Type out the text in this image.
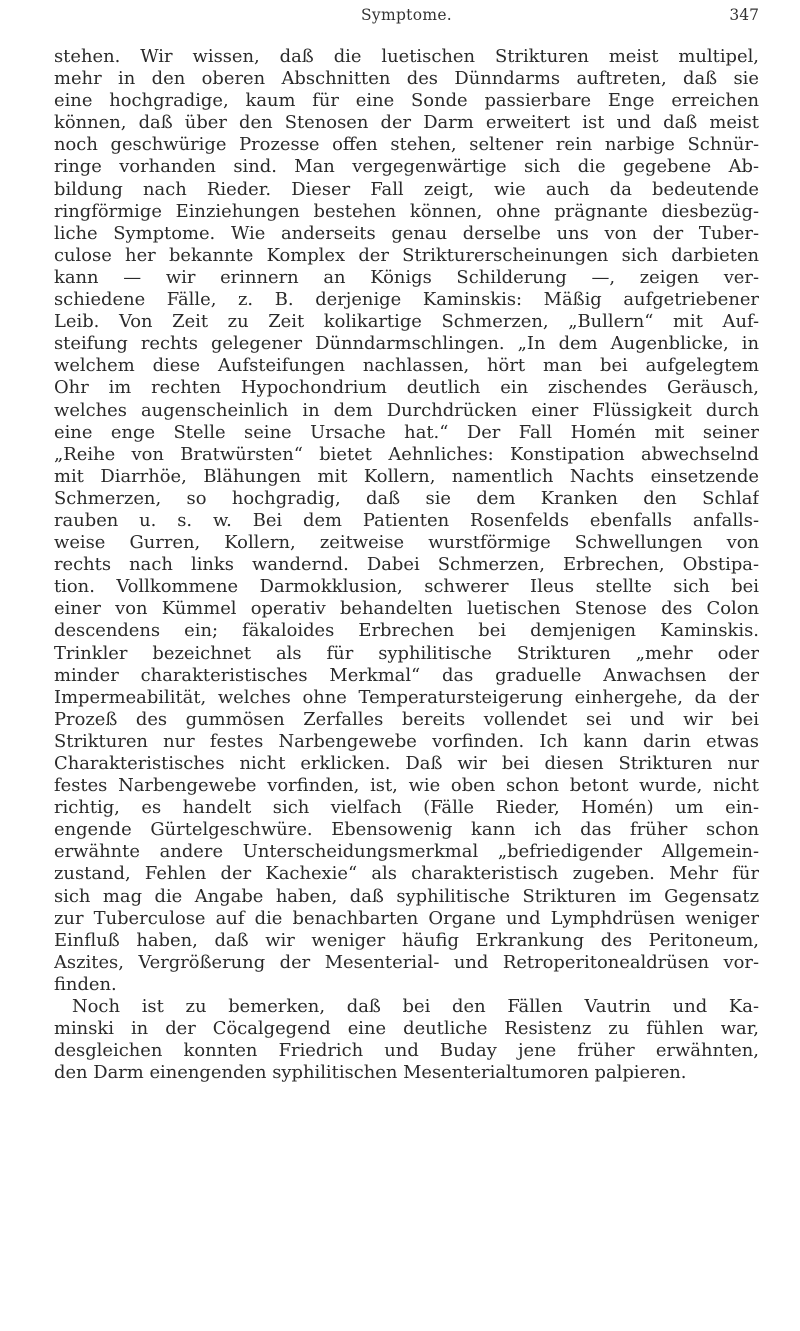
Symptome.	347
stehen. Wir wissen, daß die luetischen Strikturen meist multipel,
mehr in den oberen Abschnitten des Dünndarms auftreten, daß sie
eine hochgradige, kaum für eine Sonde passierbare Enge erreichen
können, daß über den Stenosen der Darm erweitert ist und daß meist
noch geschwürige Prozesse offen stehen, seltener rein narbige Schnür-
ringe vorhanden sind. Man vergegenwärtige sich die gegebene Ab-
bildung nach Rieder. Dieser Fall zeigt, wie auch da bedeutende
ringförmige Einziehungen bestehen können, ohne prägnante diesbezüg-
liche Symptome. Wie anderseits genau derselbe uns von der Tuber-
culose her bekannte Komplex der Strikturerscheinungen sich darbieten
kann — wir erinnern an Königs Schilderung —, zeigen ver-
schiedene Fälle, z. B. derjenige Kaminskis: Mäßig aufgetriebener
Leib. Von Zeit zu Zeit kolikartige Schmerzen, „Bullern“ mit Auf-
steifung rechts gelegener Dünndarmschlingen. „In dem Augenblicke, in
welchem diese Aufsteifungen nachlassen, hört man bei aufgelegtem
Ohr im rechten Hypochondrium deutlich ein zischendes Geräusch,
welches augenscheinlich in dem Durchdrücken einer Flüssigkeit durch
eine enge Stelle seine Ursache hat.“ Der Fall Homén mit seiner
„Reihe von Bratwürsten“ bietet Aehnliches: Konstipation abwechselnd
mit Diarrhöe, Blähungen mit Kollern, namentlich Nachts einsetzende
Schmerzen, so hochgradig, daß sie dem Kranken den Schlaf
rauben u. s. w. Bei dem Patienten Rosenfelds ebenfalls anfalls-
weise Gurren, Kollern, zeitweise wurstförmige Schwellungen von
rechts nach links wandernd. Dabei Schmerzen, Erbrechen, Obstipa-
tion. Vollkommene Darmokklusion, schwerer Ileus stellte sich bei
einer von Kümmel operativ behandelten luetischen Stenose des Colon
descendens ein; fäkaloides Erbrechen bei demjenigen Kaminskis.
Trinkler bezeichnet als für syphilitische Strikturen „mehr oder
minder charakteristisches Merkmal“ das graduelle Anwachsen der
Impermeabilität, welches ohne Temperatursteigerung einhergehe, da der
Prozeß des gummösen Zerfalles bereits vollendet sei und wir bei
Strikturen nur festes Narbengewebe vorfinden. Ich kann darin etwas
Charakteristisches nicht erklicken. Daß wir bei diesen Strikturen nur
festes Narbengewebe vorfinden, ist, wie oben schon betont wurde, nicht
richtig, es handelt sich vielfach (Fälle Rieder, Homén) um ein-
engende Gürtelgeschwüre. Ebensowenig kann ich das früher schon
erwähnte andere Unterscheidungsmerkmal „befriedigender Allgemein-
zustand, Fehlen der Kachexie“ als charakteristisch zugeben. Mehr für
sich mag die Angabe haben, daß syphilitische Strikturen im Gegensatz
zur Tuberculose auf die benachbarten Organe und Lymphdrüsen weniger
Einfluß haben, daß wir weniger häufig Erkrankung des Peritoneum,
Aszites, Vergrößerung der Mesenterial- und Retroperitonealdrüsen vor-
finden.
Noch ist zu bemerken, daß bei den Fällen Vautrin und Ka-
minski in der Cöcalgegend eine deutliche Resistenz zu fühlen war,
desgleichen konnten Friedrich und Buday jene früher erwähnten,
den Darm einengenden syphilitischen Mesenterialtumoren palpieren.
